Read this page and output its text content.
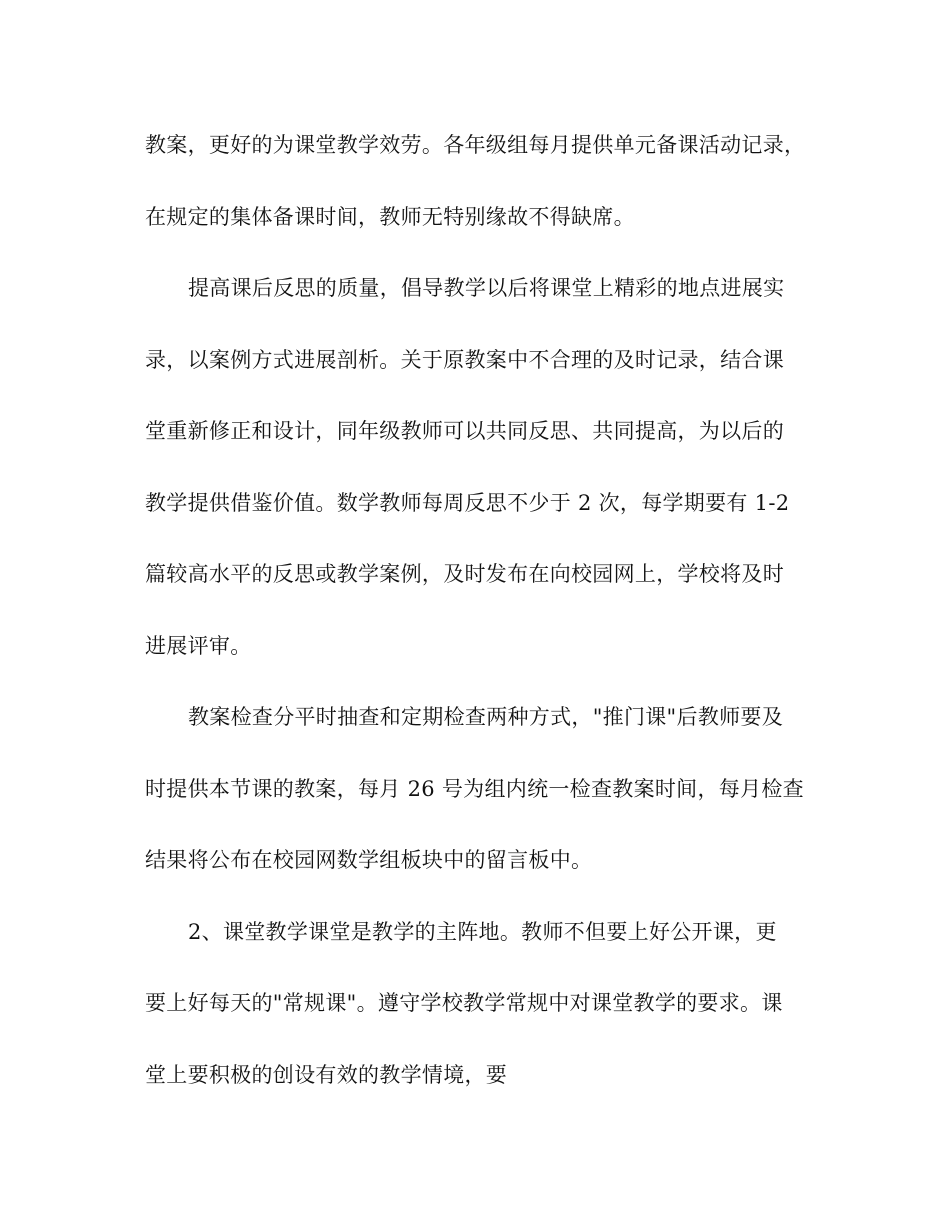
教案，更好的为课堂教学效劳。各年级组每月提供单元备课活动记录，
在规定的集体备课时间，教师无特别缘故不得缺席。
提高课后反思的质量，倡导教学以后将课堂上精彩的地点进展实
录，以案例方式进展剖析。关于原教案中不合理的及时记录，结合课
堂重新修正和设计，同年级教师可以共同反思、共同提高，为以后的
教学提供借鉴价值。数学教师每周反思不少于 2 次，每学期要有 1-2
篇较高水平的反思或教学案例，及时发布在向校园网上，学校将及时
进展评审。
教案检查分平时抽查和定期检查两种方式，"推门课"后教师要及
时提供本节课的教案，每月 26 号为组内统一检查教案时间，每月检查
结果将公布在校园网数学组板块中的留言板中。
2、课堂教学课堂是教学的主阵地。教师不但要上好公开课，更
要上好每天的"常规课"。遵守学校教学常规中对课堂教学的要求。课
堂上要积极的创设有效的教学情境，要
